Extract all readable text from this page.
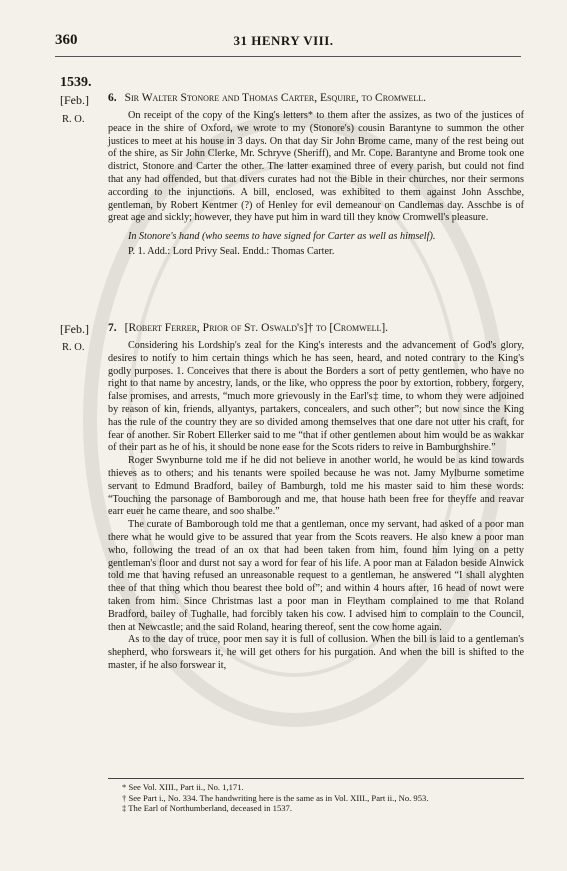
360	31 HENRY VIII.
1539.
[Feb.]
R. O.
6. Sir Walter Stonore and Thomas Carter, Esquire, to Cromwell.

On receipt of the copy of the King's letters* to them after the assizes, as two of the justices of peace in the shire of Oxford, we wrote to my (Stonore's) cousin Barantyne to summon the other justices to meet at his house in 3 days. On that day Sir John Brome came, many of the rest being out of the shire, as Sir John Clerke, Mr. Schryve (Sheriff), and Mr. Cope. Barantyne and Brome took one district, Stonore and Carter the other. The latter examined three of every parish, but could not find that any had offended, but that divers curates had not the Bible in their churches, nor their sermons according to the injunctions. A bill, enclosed, was exhibited to them against John Asschbe, gentleman, by Robert Kentmer (?) of Henley for evil demeanour on Candlemas day. Asschbe is of great age and sickly; however, they have put him in ward till they know Cromwell's pleasure.

In Stonore's hand (who seems to have signed for Carter as well as himself).

P. 1. Add.: Lord Privy Seal. Endd.: Thomas Carter.

[Feb.]
R. O.
7. [Robert Ferrer, Prior of St. Oswald's]† to [Cromwell].

Considering his Lordship's zeal for the King's interests and the advancement of God's glory, desires to notify to him certain things which he has seen, heard, and noted contrary to the King's godly purposes. 1. Conceives that there is about the Borders a sort of petty gentlemen, who have no right to that name by ancestry, lands, or the like, who oppress the poor by extortion, robbery, forgery, false promises, and arrests, “much more grievously in the Earl's‡ time, to whom they were adjoined by reason of kin, friends, allyantys, partakers, concealers, and such other”; but now since the King has the rule of the country they are so divided among themselves that one dare not utter his craft, for fear of another. Sir Robert Ellerker said to me “that if other gentlemen about him would be as wakkar of their part as he of his, it should be none ease for the Scots riders to reive in Bamburghshire.”

Roger Swynburne told me if he did not believe in another world, he would be as kind towards thieves as to others; and his tenants were spoiled because he was not. Jamy Mylburne sometime servant to Edmund Bradford, bailey of Bamburgh, told me his master said to him these words: “Touching the parsonage of Bamborough and me, that house hath been free for theyffe and reavar earr euer he came theare, and soo shalbe.”

The curate of Bamborough told me that a gentleman, once my servant, had asked of a poor man there what he would give to be assured that year from the Scots reavers. He also knew a poor man who, following the tread of an ox that had been taken from him, found him lying on a petty gentleman's floor and durst not say a word for fear of his life. A poor man at Faladon beside Alnwick told me that having refused an unreasonable request to a gentleman, he answered “I shall alyghten thee of that thing which thou bearest thee bold of”; and within 4 hours after, 16 head of nowt were taken from him. Since Christmas last a poor man in Fleytham complained to me that Roland Bradford, bailey of Tughalle, had forcibly taken his cow. I advised him to complain to the Council, then at Newcastle; and the said Roland, hearing thereof, sent the cow home again.

As to the day of truce, poor men say it is full of collusion. When the bill is laid to a gentleman's shepherd, who forswears it, he will get others for his purgation. And when the bill is shifted to the master, if he also forswear it,

* See Vol. XIII., Part ii., No. 1,171.
† See Part i., No. 334. The handwriting here is the same as in Vol. XIII., Part ii., No. 953.
‡ The Earl of Northumberland, deceased in 1537.
